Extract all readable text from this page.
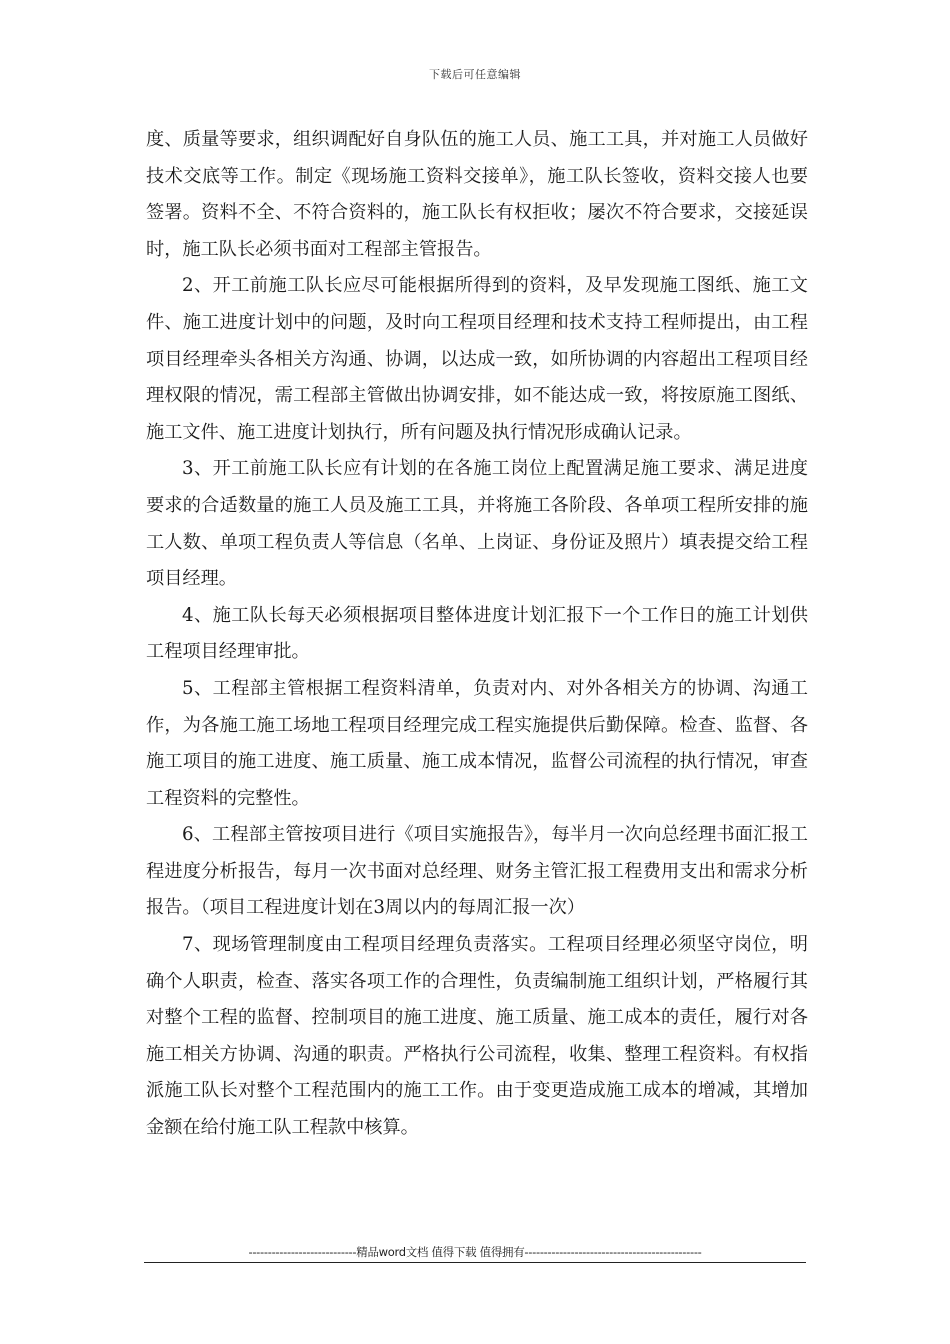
下载后可任意编辑

度、质量等要求，组织调配好自身队伍的施工人员、施工工具，并对施工人员做好技术交底等工作。制定《现场施工资料交接单》，施工队长签收，资料交接人也要签署。资料不全、不符合资料的，施工队长有权拒收；屡次不符合要求，交接延误时，施工队长必须书面对工程部主管报告。

2、开工前施工队长应尽可能根据所得到的资料，及早发现施工图纸、施工文件、施工进度计划中的问题，及时向工程项目经理和技术支持工程师提出，由工程项目经理牵头各相关方沟通、协调，以达成一致，如所协调的内容超出工程项目经理权限的情况，需工程部主管做出协调安排，如不能达成一致，将按原施工图纸、施工文件、施工进度计划执行，所有问题及执行情况形成确认记录。

3、开工前施工队长应有计划的在各施工岗位上配置满足施工要求、满足进度要求的合适数量的施工人员及施工工具，并将施工各阶段、各单项工程所安排的施工人数、单项工程负责人等信息（名单、上岗证、身份证及照片）填表提交给工程项目经理。

4、施工队长每天必须根据项目整体进度计划汇报下一个工作日的施工计划供工程项目经理审批。

5、工程部主管根据工程资料清单，负责对内、对外各相关方的协调、沟通工作，为各施工施工场地工程项目经理完成工程实施提供后勤保障。检查、监督、各施工项目的施工进度、施工质量、施工成本情况，监督公司流程的执行情况，审查工程资料的完整性。

6、工程部主管按项目进行《项目实施报告》，每半月一次向总经理书面汇报工程进度分析报告，每月一次书面对总经理、财务主管汇报工程费用支出和需求分析报告。（项目工程进度计划在3周以内的每周汇报一次）

7、现场管理制度由工程项目经理负责落实。工程项目经理必须坚守岗位，明确个人职责，检查、落实各项工作的合理性，负责编制施工组织计划，严格履行其对整个工程的监督、控制项目的施工进度、施工质量、施工成本的责任，履行对各施工相关方协调、沟通的职责。严格执行公司流程，收集、整理工程资料。有权指派施工队长对整个工程范围内的施工工作。由于变更造成施工成本的增减，其增加金额在给付施工队工程款中核算。

----------------------------精品word文档 值得下载 值得拥有----------------------------------------------
